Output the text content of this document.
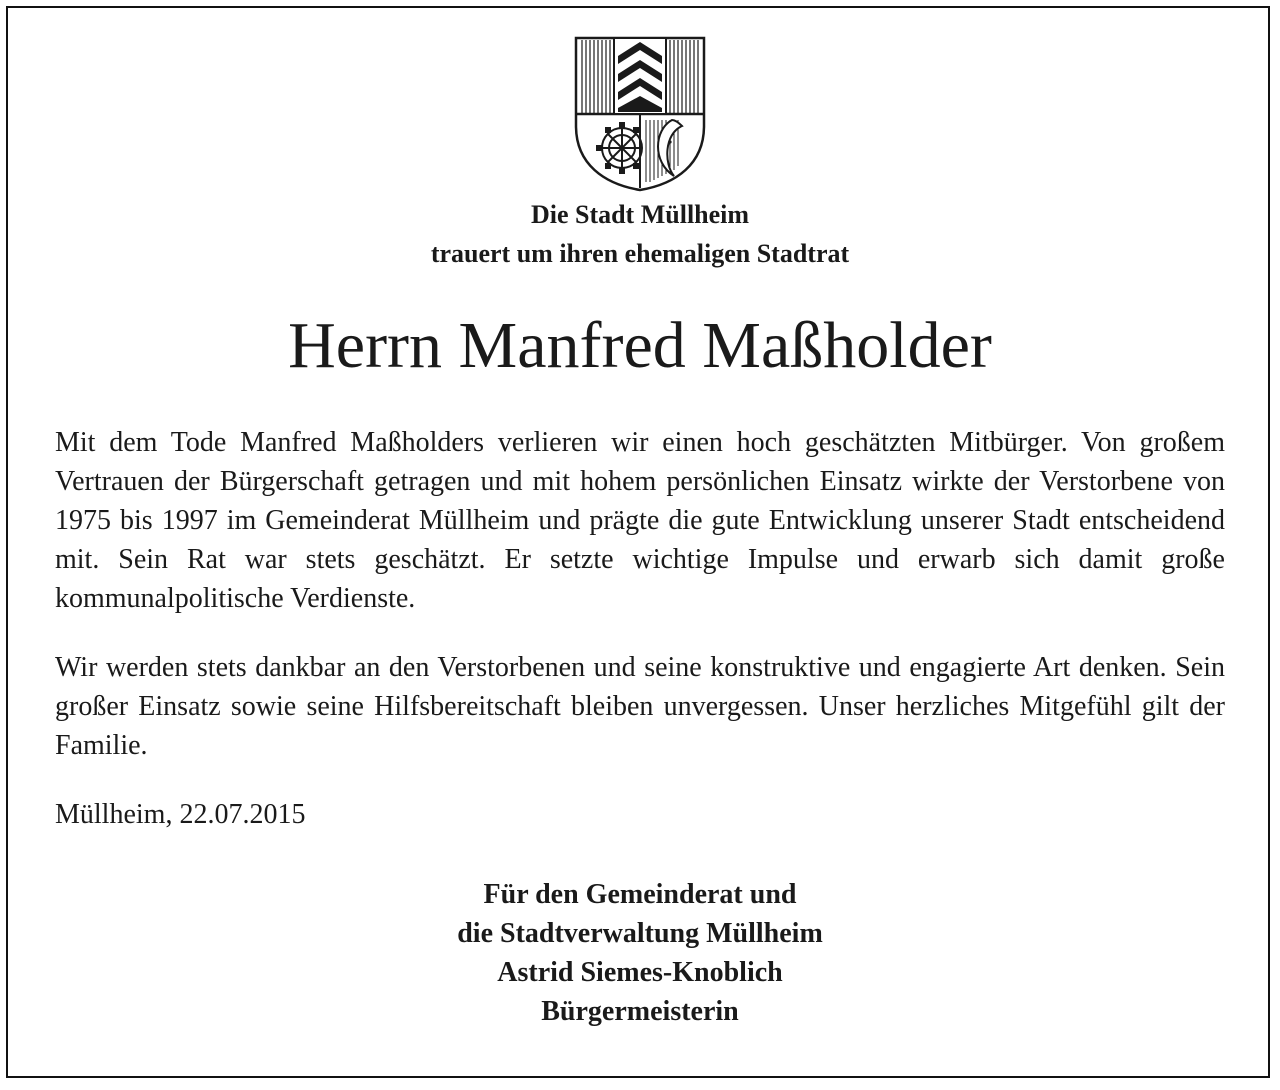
Die Stadt Müllheim
trauert um ihren ehemaligen Stadtrat
Herrn Manfred Maßholder

Mit dem Tode Manfred Maßholders verlieren wir einen hoch geschätzten Mitbürger. Von großem Vertrauen der Bürgerschaft getragen und mit hohem persönlichen Einsatz wirkte der Verstorbene von 1975 bis 1997 im Gemeinderat Müllheim und prägte die gute Entwicklung unserer Stadt entscheidend mit. Sein Rat war stets geschätzt. Er setzte wichtige Impulse und erwarb sich damit große kommunalpolitische Verdienste.

Wir werden stets dankbar an den Verstorbenen und seine konstruktive und engagierte Art denken. Sein großer Einsatz sowie seine Hilfsbereitschaft bleiben unvergessen. Unser herzliches Mitgefühl gilt der Familie.

Müllheim, 22.07.2015
Für den Gemeinderat und
die Stadtverwaltung Müllheim
Astrid Siemes-Knoblich
Bürgermeisterin
